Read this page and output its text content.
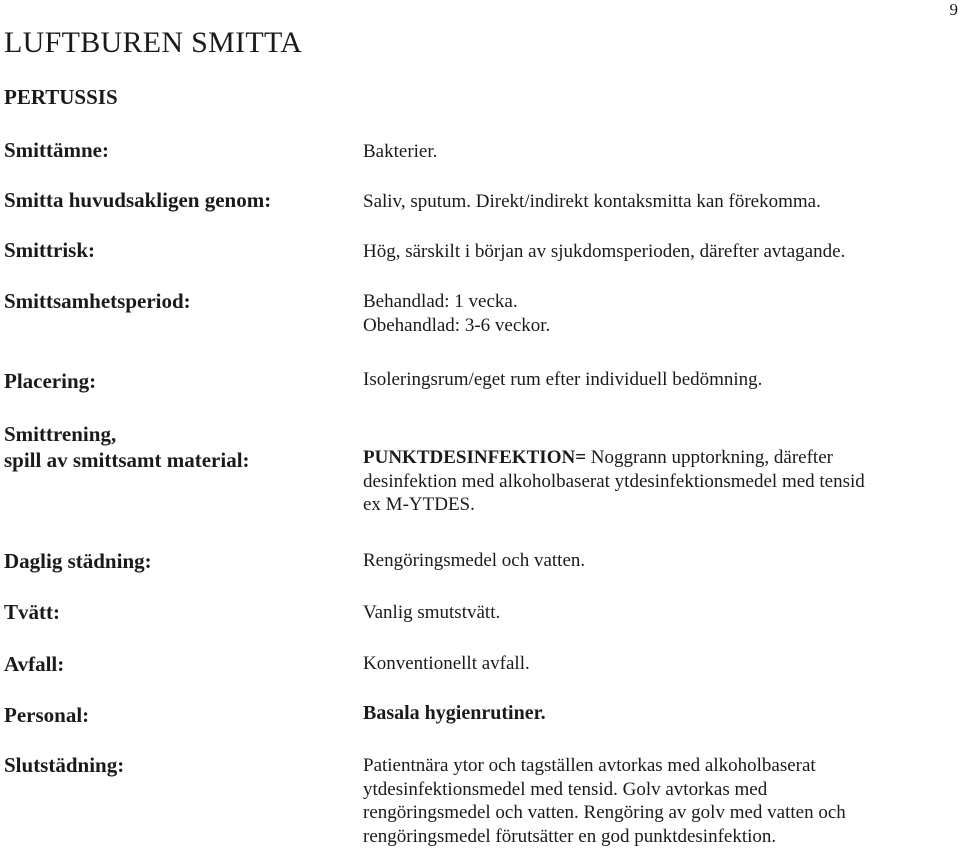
9
LUFTBUREN SMITTA
PERTUSSIS
Smittämne:	Bakterier.
Smitta huvudsakligen genom:	Saliv, sputum. Direkt/indirekt kontaksmitta kan förekomma.
Smittrisk:	Hög, särskilt i början av sjukdomsperioden, därefter avtagande.
Smittsamhetsperiod:	Behandlad: 1 vecka.
Obehandlad: 3-6 veckor.
Placering:	Isoleringsrum/eget rum efter individuell bedömning.
Smittrening,
spill av smittsamt material:	PUNKTDESINFEKTION= Noggrann upptorkning, därefter
desinfektion med alkoholbaserat ytdesinfektionsmedel med tensid
ex M-YTDES.
Daglig städning:	Rengöringsmedel och vatten.
Tvätt:	Vanlig smutstvätt.
Avfall:	Konventionellt avfall.
Personal:	Basala hygienrutiner.
Slutstädning:	Patientnära ytor och tagställen avtorkas med alkoholbaserat
ytdesinfektionsmedel med tensid. Golv avtorkas med
rengöringsmedel och vatten. Rengöring av golv med vatten och
rengöringsmedel förutsätter en god punktdesinfektion.
